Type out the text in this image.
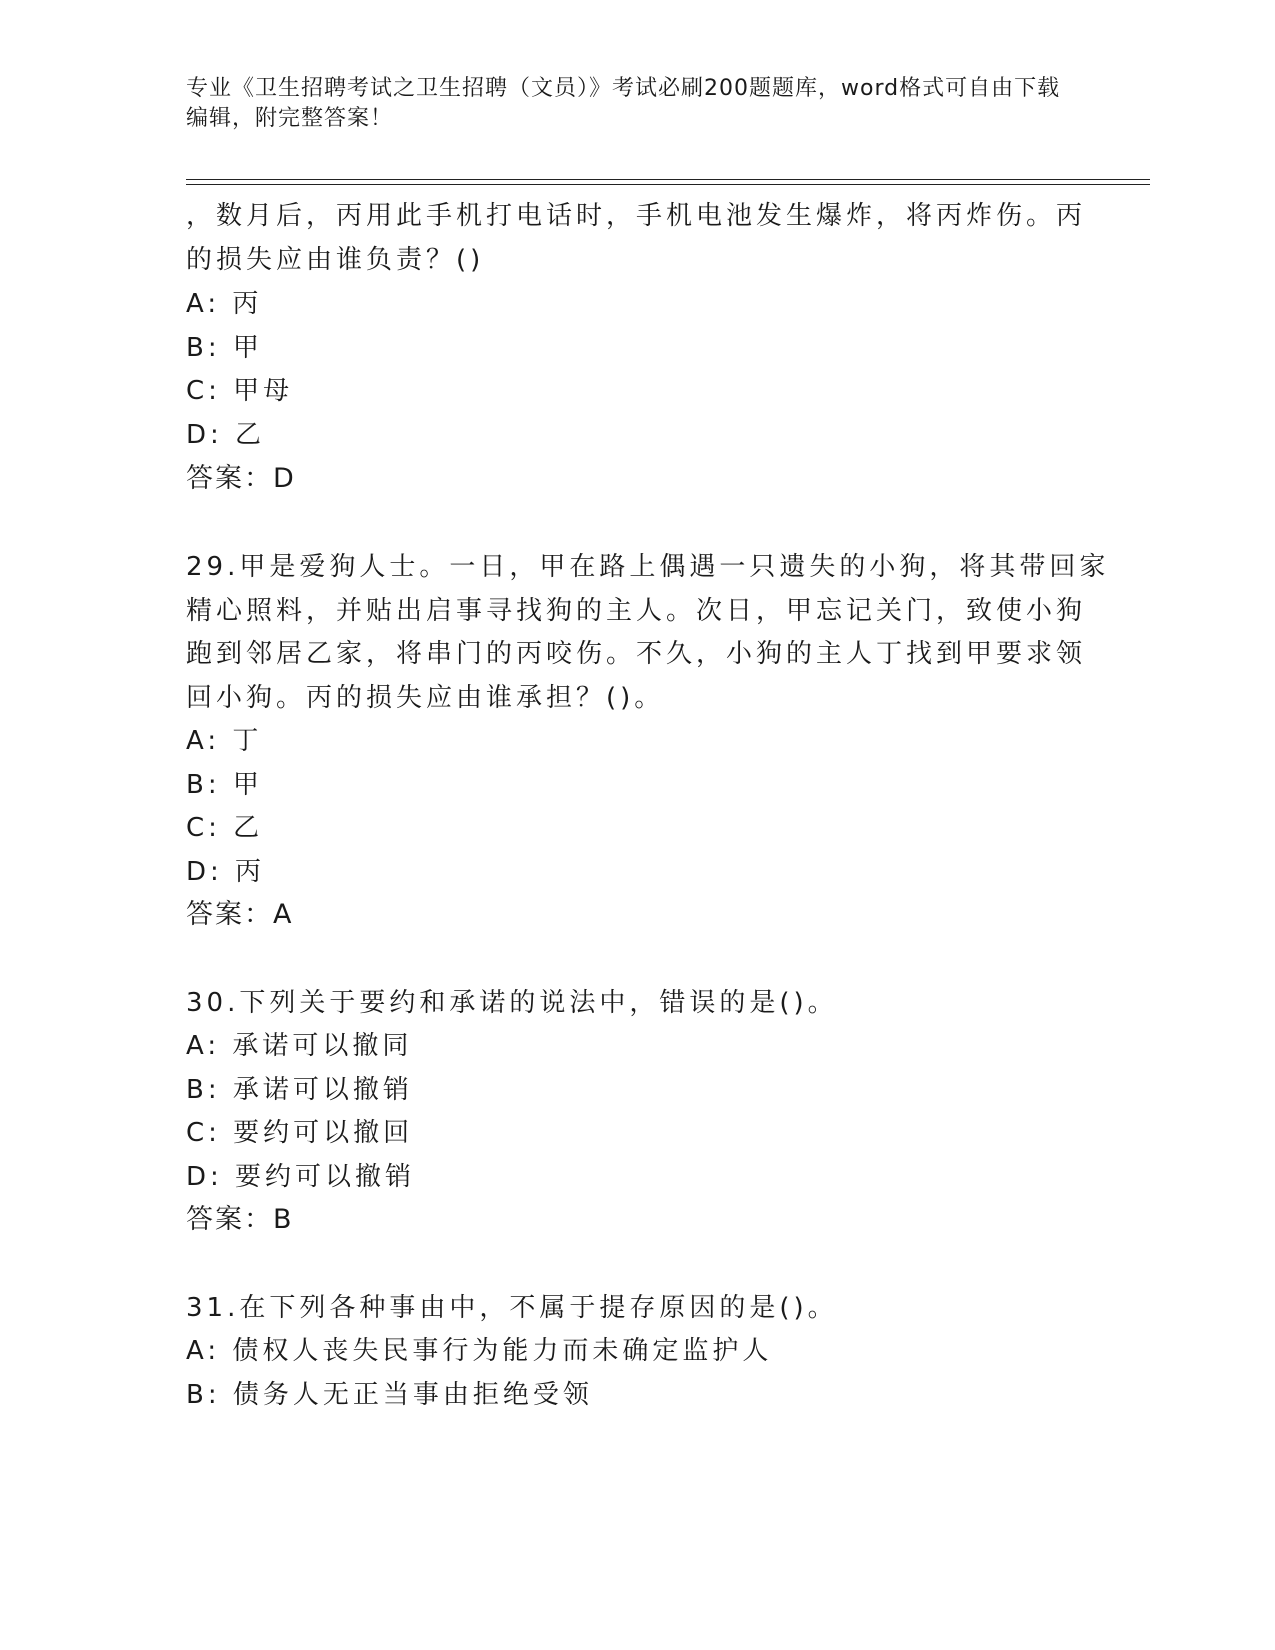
专业《卫生招聘考试之卫生招聘（文员）》考试必刷200题题库，word格式可自由下载编辑，附完整答案！
，数月后，丙用此手机打电话时，手机电池发生爆炸，将丙炸伤。丙
的损失应由谁负责？()
A: 丙
B: 甲
C: 甲母
D: 乙
答案：D
29.甲是爱狗人士。一日，甲在路上偶遇一只遗失的小狗，将其带回家
精心照料，并贴出启事寻找狗的主人。次日，甲忘记关门，致使小狗
跑到邻居乙家，将串门的丙咬伤。不久，小狗的主人丁找到甲要求领
回小狗。丙的损失应由谁承担？()。
A: 丁
B: 甲
C: 乙
D: 丙
答案：A
30.下列关于要约和承诺的说法中，错误的是()。
A: 承诺可以撤同
B: 承诺可以撤销
C: 要约可以撤回
D: 要约可以撤销
答案：B
31.在下列各种事由中，不属于提存原因的是()。
A: 债权人丧失民事行为能力而未确定监护人
B: 债务人无正当事由拒绝受领
